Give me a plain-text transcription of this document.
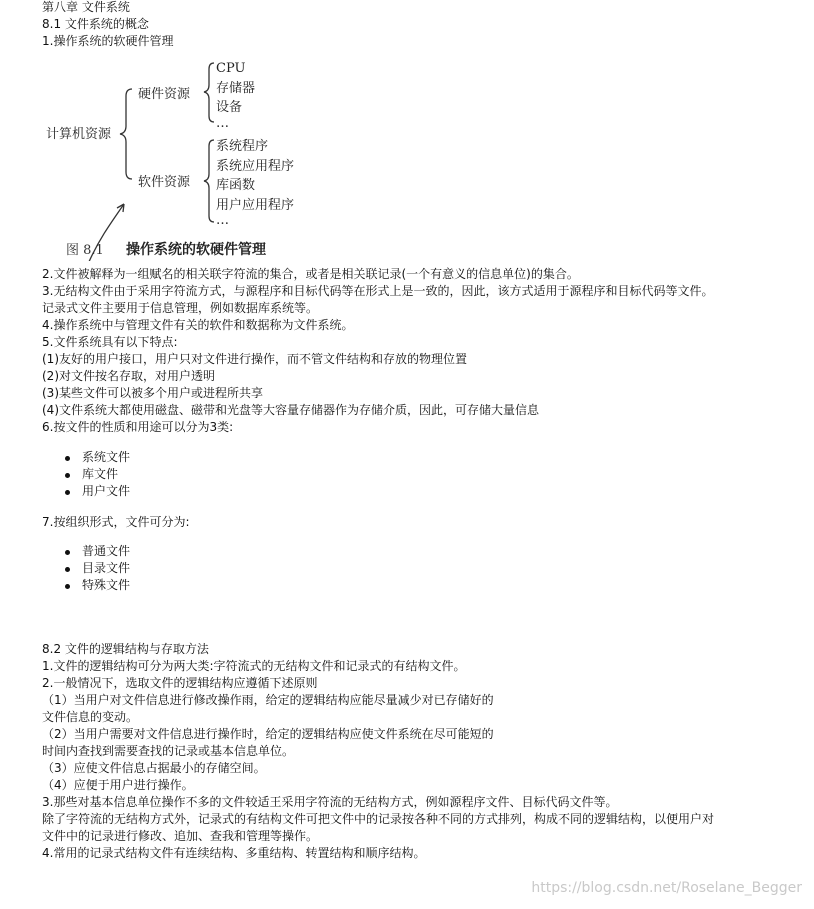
第八章 文件系统
8.1 文件系统的概念
1.操作系统的软硬件管理
计算机资源
硬件资源
软件资源
CPU
存储器
设备
…
系统程序
系统应用程序
库函数
用户应用程序
…
图 8.1 操作系统的软硬件管理
2.文件被解释为一组赋名的相关联字符流的集合，或者是相关联记录(一个有意义的信息单位)的集合。
3.无结构文件由于采用字符流方式，与源程序和目标代码等在形式上是一致的，因此，该方式适用于源程序和目标代码等文件。
记录式文件主要用于信息管理，例如数据库系统等。
4.操作系统中与管理文件有关的软件和数据称为文件系统。
5.文件系统具有以下特点:
(1)友好的用户接口，用户只对文件进行操作，而不管文件结构和存放的物理位置
(2)对文件按名存取，对用户透明
(3)某些文件可以被多个用户或进程所共享
(4)文件系统大都使用磁盘、磁带和光盘等大容量存储器作为存储介质，因此，可存储大量信息
6.按文件的性质和用途可以分为3类:
系统文件
库文件
用户文件
7.按组织形式，文件可分为:
普通文件
目录文件
特殊文件
8.2 文件的逻辑结构与存取方法
1.文件的逻辑结构可分为两大类:字符流式的无结构文件和记录式的有结构文件。
2.一般情况下，选取文件的逻辑结构应遵循下述原则
（1）当用户对文件信息进行修改操作雨，给定的逻辑结构应能尽量减少对已存储好的
文件信息的变动。
（2）当用户需要对文件信息进行操作时，给定的逻辑结构应使文件系统在尽可能短的
时间内查找到需要查找的记录或基本信息单位。
（3）应使文件信息占据最小的存储空间。
（4）应便于用户进行操作。
3.那些对基本信息单位操作不多的文件较适王采用字符流的无结构方式，例如源程序文件、目标代码文件等。
除了字符流的无结构方式外，记录式的有结构文件可把文件中的记录按各种不同的方式排列，构成不同的逻辑结构，以便用户对
文件中的记录进行修改、追加、查我和管理等操作。
4.常用的记录式结构文件有连续结构、多重结构、转置结构和顺序结构。
https://blog.csdn.net/Roselane_Begger
